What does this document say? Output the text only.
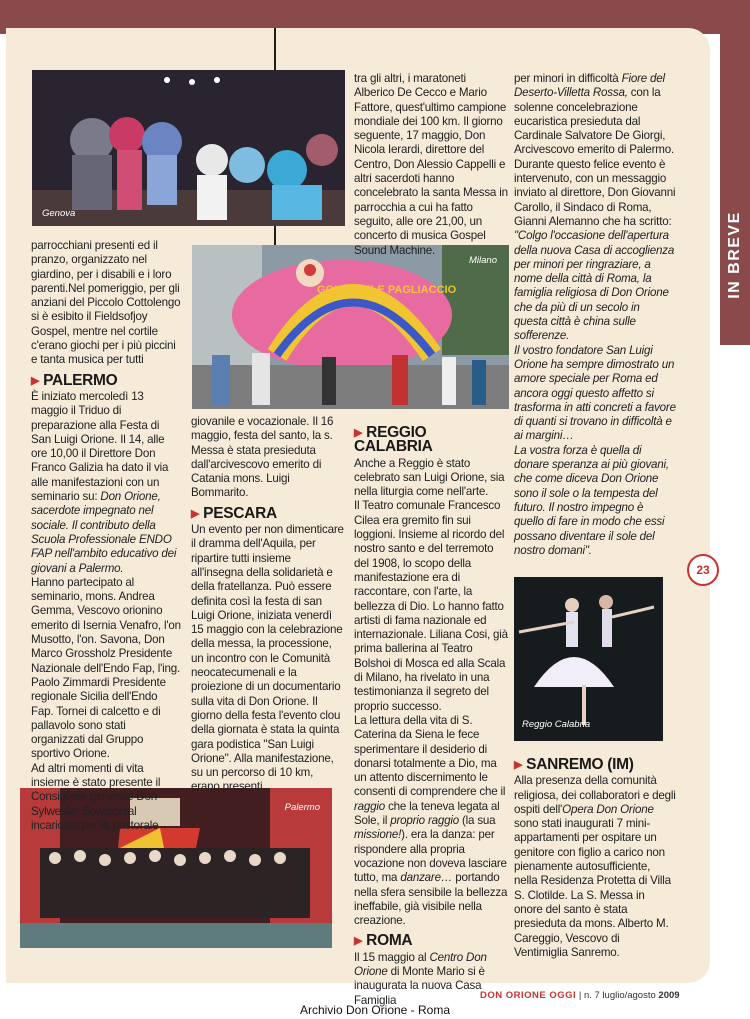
Genova
GONFIABILE PAGLIACCIO
Milano
Palermo
Reggio Calabria

parrocchiani presenti ed il pranzo, organizzato nel giardino, per i disabili e i loro parenti.Nel pomeriggio, per gli anziani del Piccolo Cottolengo si è esibito il Fieldsofjoy Gospel, mentre nel cortile c'erano giochi per i più piccini e tanta musica per tutti

▶ PALERMO

È iniziato mercoledì 13 maggio il Triduo di preparazione alla Festa di San Luigi Orione. Il 14, alle ore 10,00 il Direttore Don Franco Galizia ha dato il via alle manifestazioni con un seminario su: Don Orione, sacerdote impegnato nel sociale. Il contributo della Scuola Professionale ENDO FAP nell'ambito educativo dei giovani a Palermo.

Hanno partecipato al seminario, mons. Andrea Gemma, Vescovo orionino emerito di Isernia Venafro, l'on Musotto, l'on. Savona, Don Marco Grossholz Presidente Nazionale dell'Endo Fap, l'ing. Paolo Zimmardi Presidente regionale Sicilia dell'Endo Fap. Tornei di calcetto e di pallavolo sono stati organizzati dal Gruppo sportivo Orione.

Ad altri momenti di vita insieme è stato presente il Consigliere generale Don Sylwester Sowizdrzal incaricato per la pastorale

giovanile e vocazionale. Il 16 maggio, festa del santo, la s. Messa è stata presieduta dall'arcivescovo emerito di Catania mons. Luigi Bommarito.

▶ PESCARA

Un evento per non dimenticare il dramma dell'Aquila, per ripartire tutti insieme all'insegna della solidarietà e della fratellanza. Può essere definita così la festa di san Luigi Orione, iniziata venerdì 15 maggio con la celebrazione della messa, la processione, un incontro con le Comunità neocatecumenali e la proiezione di un documentario sulla vita di Don Orione. Il giorno della festa l'evento clou della giornata è stata la quinta gara podistica "San Luigi Orione". Alla manifestazione, su un percorso di 10 km, erano presenti,

tra gli altri, i maratoneti Alberico De Cecco e Mario Fattore, quest'ultimo campione mondiale dei 100 km. Il giorno seguente, 17 maggio, Don Nicola Ierardi, direttore del Centro, Don Alessio Cappelli e altri sacerdoti hanno concelebrato la santa Messa in parrocchia a cui ha fatto seguito, alle ore 21,00, un concerto di musica Gospel Sound Machine.

▶ REGGIO CALABRIA

Anche a Reggio è stato celebrato san Luigi Orione, sia nella liturgia come nell'arte.

Il Teatro comunale Francesco Cilea era gremito fin sui loggioni. Insieme al ricordo del nostro santo e del terremoto del 1908, lo scopo della manifestazione era di raccontare, con l'arte, la bellezza di Dio. Lo hanno fatto artisti di fama nazionale ed internazionale. Liliana Cosi, già prima ballerina al Teatro Bolshoi di Mosca ed alla Scala di Milano, ha rivelato in una testimonianza il segreto del proprio successo.

La lettura della vita di S. Caterina da Siena le fece sperimentare il desiderio di donarsi totalmente a Dio, ma un attento discernimento le consenti di comprendere che il raggio che la teneva legata al Sole, il proprio raggio (la sua missione!). era la danza: per rispondere alla propria vocazione non doveva lasciare tutto, ma danzare… portando nella sfera sensibile la bellezza ineffabile, già visibile nella creazione.

▶ ROMA

Il 15 maggio al Centro Don Orione di Monte Mario si è inaugurata la nuova Casa Famiglia

per minori in difficoltà Fiore del Deserto-Villetta Rossa, con la solenne concelebrazione eucaristica presieduta dal Cardinale Salvatore De Giorgi, Arcivescovo emerito di Palermo.

Durante questo felice evento è intervenuto, con un messaggio inviato al direttore, Don Giovanni Carollo, il Sindaco di Roma, Gianni Alemanno che ha scritto:

"Colgo l'occasione dell'apertura della nuova Casa di accoglienza per minori per ringraziare, a nome della città di Roma, la famiglia religiosa di Don Orione che da più di un secolo in questa città è china sulle sofferenze.

Il vostro fondatore San Luigi Orione ha sempre dimostrato un amore speciale per Roma ed ancora oggi questo affetto si trasforma in atti concreti a favore di quanti si trovano in difficoltà e ai margini…

La vostra forza è quella di donare speranza ai più giovani, che come diceva Don Orione sono il sole o la tempesta del futuro. Il nostro impegno è quello di fare in modo che essi possano diventare il sole del nostro domani".

▶ SANREMO (IM)

Alla presenza della comunità religiosa, dei collaboratori e degli ospiti dell'Opera Don Orione sono stati inaugurati 7 mini-appartamenti per ospitare un genitore con figlio a carico non pienamente autosufficiente, nella Residenza Protetta di Villa S. Clotilde. La S. Messa in onore del santo è stata presieduta da mons. Alberto M. Careggio, Vescovo di Ventimiglia Sanremo.

IN BREVE
23
DON ORIONE OGGI | n. 7 luglio/agosto 2009
Archivio Don Orione - Roma
